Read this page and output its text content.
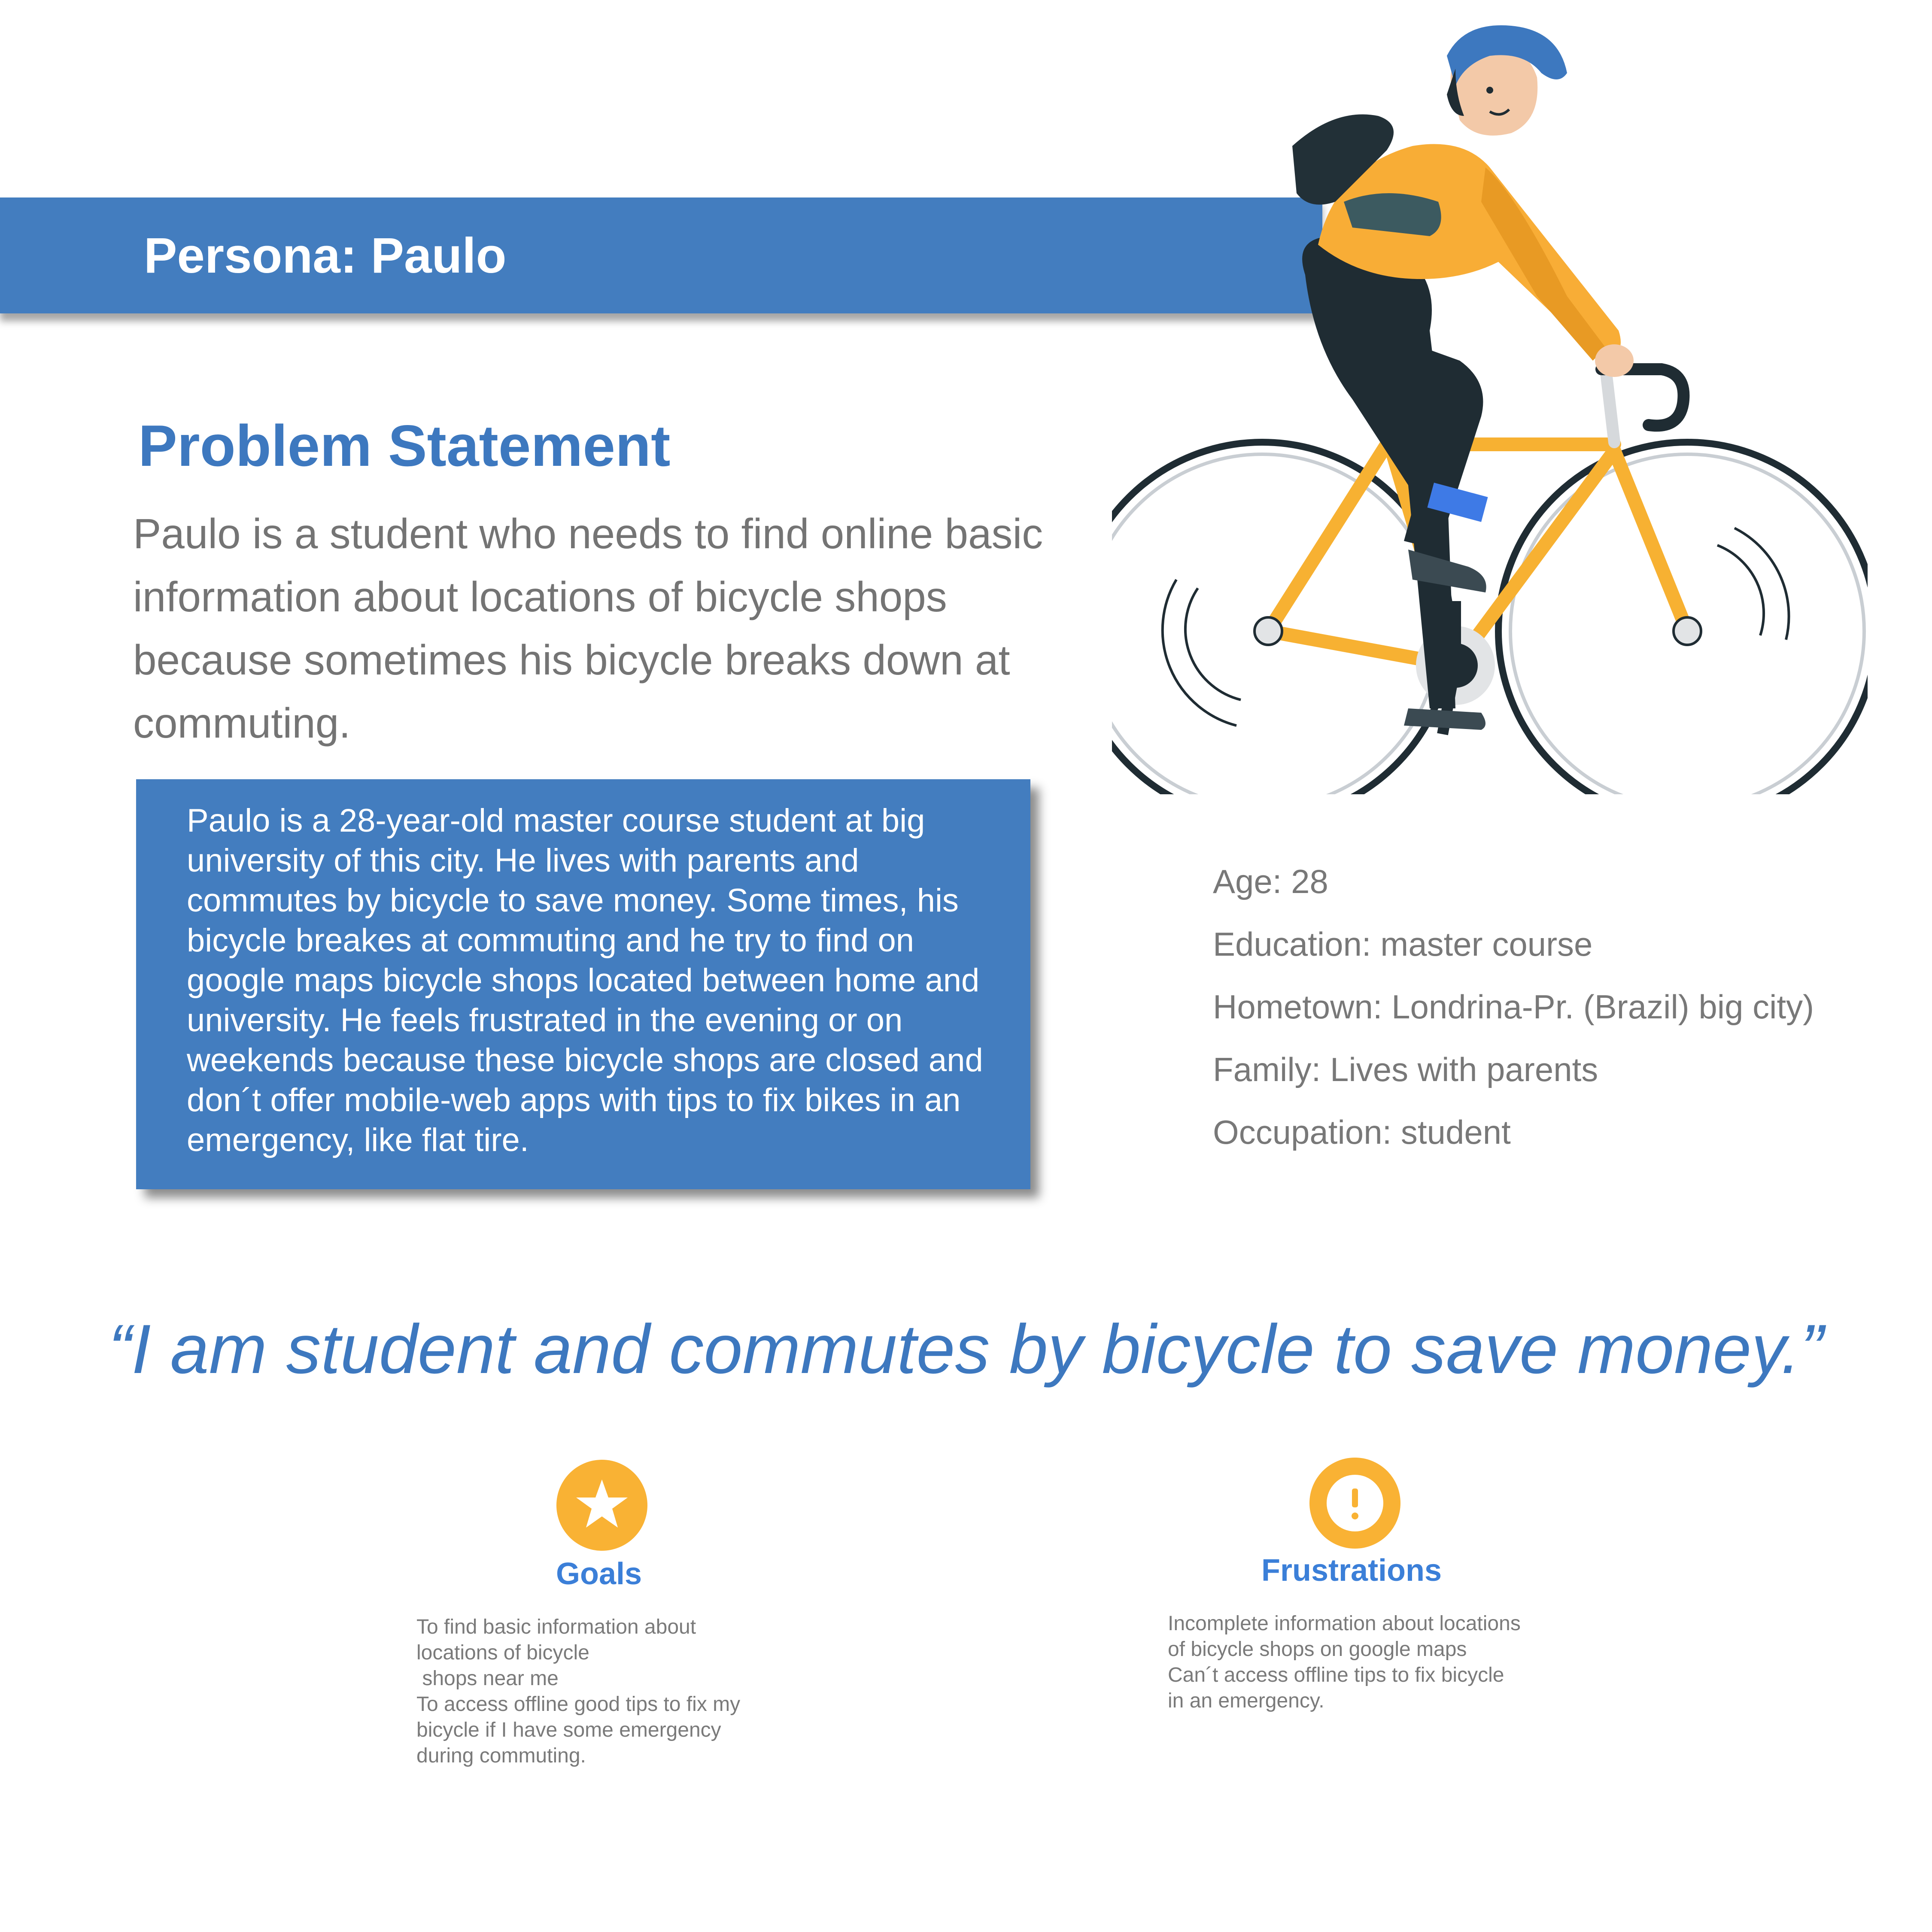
Persona: Paulo
Problem Statement

Paulo is a student who needs to find online basic
information about locations of bicycle shops
because sometimes his bicycle breaks down at
commuting.

Paulo is a 28-year-old master course student at big
university of this city. He lives with parents and
commutes by bicycle to save money. Some times, his
bicycle breakes at commuting and he try to find on
google maps bicycle shops located between home and
university. He feels frustrated in the evening or on
weekends because these bicycle shops are closed and
don´t offer mobile-web apps with tips to fix bikes in an
emergency, like flat tire.

Age: 28

Education: master course

Hometown: Londrina-Pr. (Brazil) big city)

Family: Lives with parents

Occupation: student

“I am student and commutes by bicycle to save money.”

Goals
To find basic information about
locations of bicycle
shops near me
To access offline good tips to fix my
bicycle if I have some emergency
during commuting.
Frustrations
Incomplete information about locations
of bicycle shops on google maps
Can´t access offline tips to fix bicycle
in an emergency.
